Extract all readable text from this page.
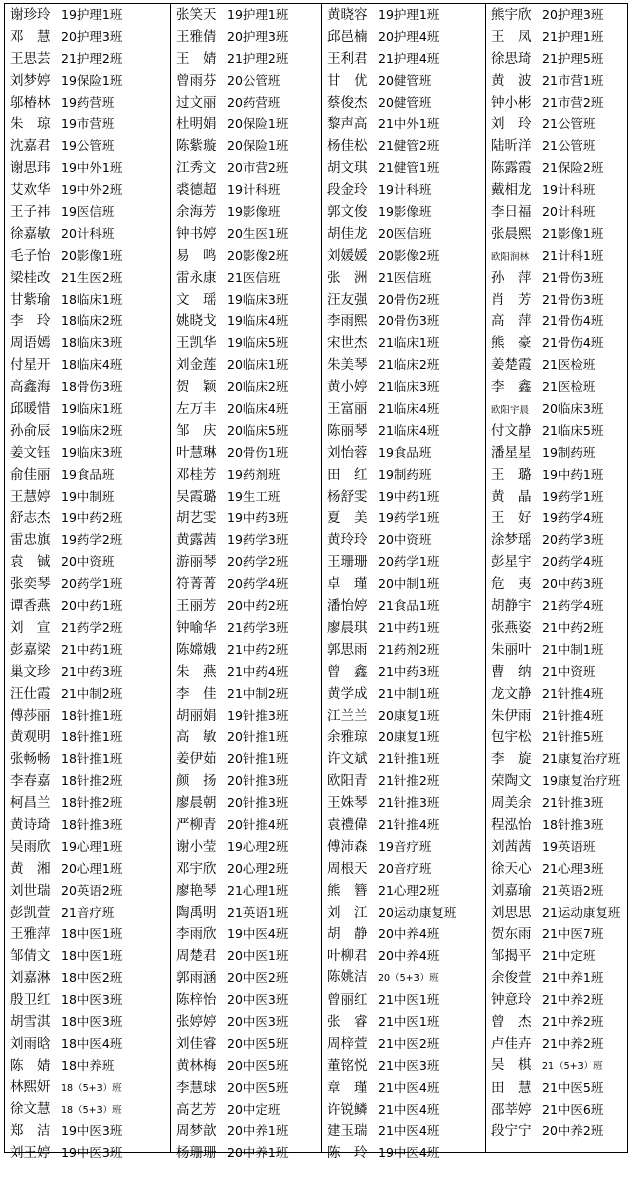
谢珍玲 19护理1班
邓　慧 20护理3班
王思芸 21护理2班
刘梦婷 19保险1班
邬椿林 19药营班
朱　琼 19市营班
沈嘉君 19公管班
谢思玮 19中外1班
艾欢华 19中外2班
王子祎 19医信班
徐嘉敏 20计科班
毛子怡 20影像1班
梁桂改 21生医2班
甘紫瑜 18临床1班
李　玲 18临床2班
周语嫣 18临床3班
付星开 18临床4班
高鑫海 18骨伤3班
邱暖惜 19临床1班
孙俞辰 19临床2班
姜文钰 19临床3班
俞佳丽 19食品班
王慧婷 19中制班
舒志杰 19中药2班
雷忠旗 19药学2班
袁　铖 20中资班
张奕琴 20药学1班
谭香燕 20中药1班
刘　宣 21药学2班
彭嘉梁 21中药1班
巢文珍 21中药3班
汪仕霞 21中制2班
傅莎丽 18针推1班
黄观明 18针推1班
张畅畅 18针推1班
李春嘉 18针推2班
柯昌兰 18针推2班
黄诗琦 18针推3班
吴雨欣 19心理1班
黄　湘 20心理1班
刘世瑞 20英语2班
彭凯萱 21音疗班
王雅萍 18中医1班
邹倩文 18中医1班
刘嘉淋 18中医2班
殷卫红 18中医3班
胡雪淇 18中医3班
刘雨晗 18中医4班
陈　婧 18中养班
林熙妍 18（5+3）班
徐文慧 18（5+3）班
郑　洁 19中医3班
刘王婷 19中医3班
张笑天 19护理1班
王雅倩 20护理3班
王　婧 21护理2班
曾雨芬 20公管班
过文丽 20药营班
杜明娟 20保险1班
陈紫璇 20保险1班
江秀文 20市营2班
裘德超 19计科班
余海芳 19影像班
钟书婷 20生医1班
易　鸣 20影像2班
雷永康 21医信班
文　瑶 19临床3班
姚晓戈 19临床4班
王凯华 19临床5班
刘金莲 20临床1班
贺　颖 20临床2班
左万丰 20临床4班
邹　庆 20临床5班
叶慧琳 20骨伤1班
邓桂芳 19药剂班
吴霞璐 19生工班
胡艺雯 19中药3班
黄露茜 19药学3班
游丽琴 20药学2班
符菁菁 20药学4班
王丽芳 20中药2班
钟喻华 21药学3班
陈嫦娥 21中药2班
朱　燕 21中药4班
李　佳 21中制2班
胡丽娟 19针推3班
高　敏 20针推1班
姜伊茹 20针推1班
颜　扬 20针推3班
廖晨朝 20针推3班
严柳青 20针推4班
谢小莹 19心理2班
邓宇欣 20心理2班
廖艳琴 21心理1班
陶禹明 21英语1班
李雨欣 19中医4班
周楚君 20中医1班
郭雨涵 20中医2班
陈梓怡 20中医3班
张婷婷 20中医3班
刘佳睿 20中医5班
黄林梅 20中医5班
李慧球 20中医5班
高艺芳 20中定班
周梦歆 20中养1班
杨珊珊 20中养1班
黄晓容 19护理1班
邱邑楠 20护理4班
王利君 21护理4班
甘　优 20健管班
蔡俊杰 20健管班
黎声高 21中外1班
杨佳松 21健管2班
胡文琪 21健管1班
段金玲 19计科班
郭文俊 19影像班
胡佳龙 20医信班
刘媛媛 20影像2班
张　洲 21医信班
汪友强 20骨伤2班
李雨熙 20骨伤3班
宋世杰 21临床1班
朱美琴 21临床2班
黄小婷 21临床3班
王富丽 21临床4班
陈丽琴 21临床4班
刘怡蓉 19食品班
田　红 19制药班
杨舒雯 19中药1班
夏　美 19药学1班
黄玲玲 20中资班
王珊珊 20药学1班
卓　瑾 20中制1班
潘怡婷 21食品1班
廖晨琪 21中药1班
郭思雨 21药剂2班
曾　鑫 21中药3班
黄学成 21中制1班
江兰兰 20康复1班
余雅琼 20康复1班
许文斌 21针推1班
欧阳青 21针推2班
王姝琴 21针推3班
袁禮偉 21针推4班
傅沛森 19音疗班
周根天 20音疗班
熊　簪 21心理2班
刘　江 20运动康复班
胡　静 20中养4班
叶柳君 20中养4班
陈姚洁 20（5+3）班
曾丽红 21中医1班
张　睿 21中医1班
周梓萱 21中医2班
董铭悦 21中医3班
章　瑾 21中医4班
许锐鳞 21中医4班
建玉瑞 21中医4班
陈　玲 19中医4班
熊宇欣 20护理3班
王　凤 21护理1班
徐思琦 21护理5班
黄　波 21市营1班
钟小彬 21市营2班
刘　玲 21公管班
陆昕洋 21公管班
陈露霞 21保险2班
戴相龙 19计科班
李日福 20计科班
张晨熙 21影像1班
欧阳润林 21计科1班
孙　萍 21骨伤3班
肖　芳 21骨伤3班
高　萍 21骨伤4班
熊　豪 21骨伤4班
姜楚霞 21医检班
李　鑫 21医检班
欧阳宇晨 20临床3班
付文静 21临床5班
潘星星 19制药班
王　璐 19中药1班
黄　晶 19药学1班
王　好 19药学4班
涂梦瑶 20药学3班
彭星宇 20药学4班
危　夷 20中药3班
胡静宇 21药学4班
张燕姿 21中药2班
朱丽叶 21中制1班
曹　纳 21中资班
龙文静 21针推4班
朱伊雨 21针推4班
包宇松 21针推5班
李　旋 21康复治疗班
荣陶文 19康复治疗班
周美余 21针推3班
程泓怡 18针推3班
刘茜茜 19英语班
徐天心 21心理3班
刘嘉瑜 21英语2班
刘思思 21运动康复班
贺东雨 21中医7班
邹揭平 21中定班
余俊萱 21中养1班
钟意玲 21中养2班
曾　杰 21中养2班
卢佳卉 21中养2班
吴　棋 21（5+3）班
田　慧 21中医5班
邵莘婷 21中医6班
段宁宁 20中养2班
